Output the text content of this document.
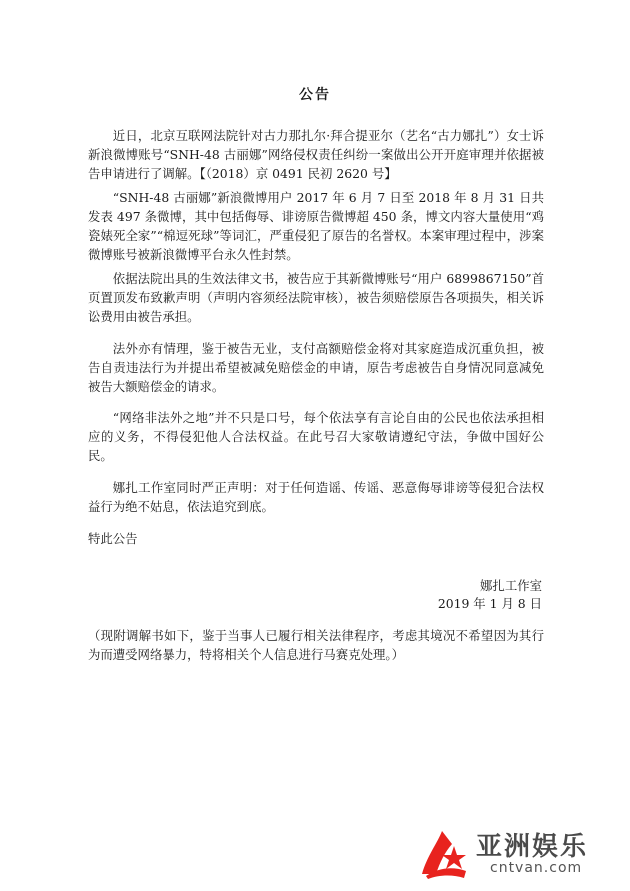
公告

近日，北京互联网法院针对古力那扎尔·拜合提亚尔（艺名“古力娜扎”）女士诉新浪微博账号“SNH-48 古丽娜”网络侵权责任纠纷一案做出公开开庭审理并依据被告申请进行了调解。【（2018）京 0491 民初 2620 号】

“SNH-48 古丽娜”新浪微博用户 2017 年 6 月 7 日至 2018 年 8 月 31 日共发表 497 条微博，其中包括侮辱、诽谤原告微博超 450 条，博文内容大量使用“鸡瓷婊死全家”“棉逗死球”等词汇，严重侵犯了原告的名誉权。本案审理过程中，涉案微博账号被新浪微博平台永久性封禁。

依据法院出具的生效法律文书，被告应于其新微博账号“用户 6899867150”首页置顶发布致歉声明（声明内容须经法院审核），被告须赔偿原告各项损失，相关诉讼费用由被告承担。

法外亦有情理，鉴于被告无业，支付高额赔偿金将对其家庭造成沉重负担，被告自责违法行为并提出希望被减免赔偿金的申请，原告考虑被告自身情况同意减免被告大额赔偿金的请求。

“网络非法外之地”并不只是口号，每个依法享有言论自由的公民也依法承担相应的义务，不得侵犯他人合法权益。在此号召大家敬请遵纪守法，争做中国好公民。

娜扎工作室同时严正声明：对于任何造谣、传谣、恶意侮辱诽谤等侵犯合法权益行为绝不姑息，依法追究到底。

特此公告

娜扎工作室
2019 年 1 月 8 日

（现附调解书如下，鉴于当事人已履行相关法律程序，考虑其境况不希望因为其行为而遭受网络暴力，特将相关个人信息进行马赛克处理。）

亚洲娱乐
cntvan.com
